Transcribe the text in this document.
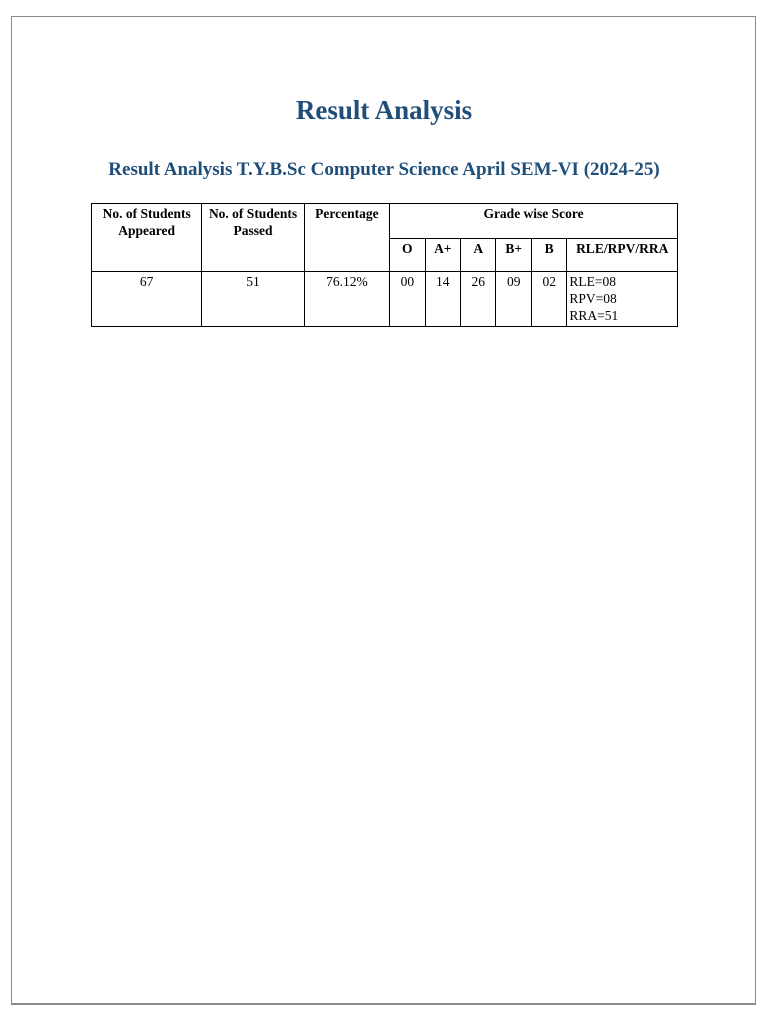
Result Analysis
Result Analysis T.Y.B.Sc Computer Science April SEM-VI (2024-25)
No. of Students Appeared	No. of Students Passed	Percentage	Grade wise Score					
			O	A+	A	B+	B	RLE/RPV/RRA
67	51	76.12%	00	14	26	09	02	RLE=08
RPV=08
RRA=51
